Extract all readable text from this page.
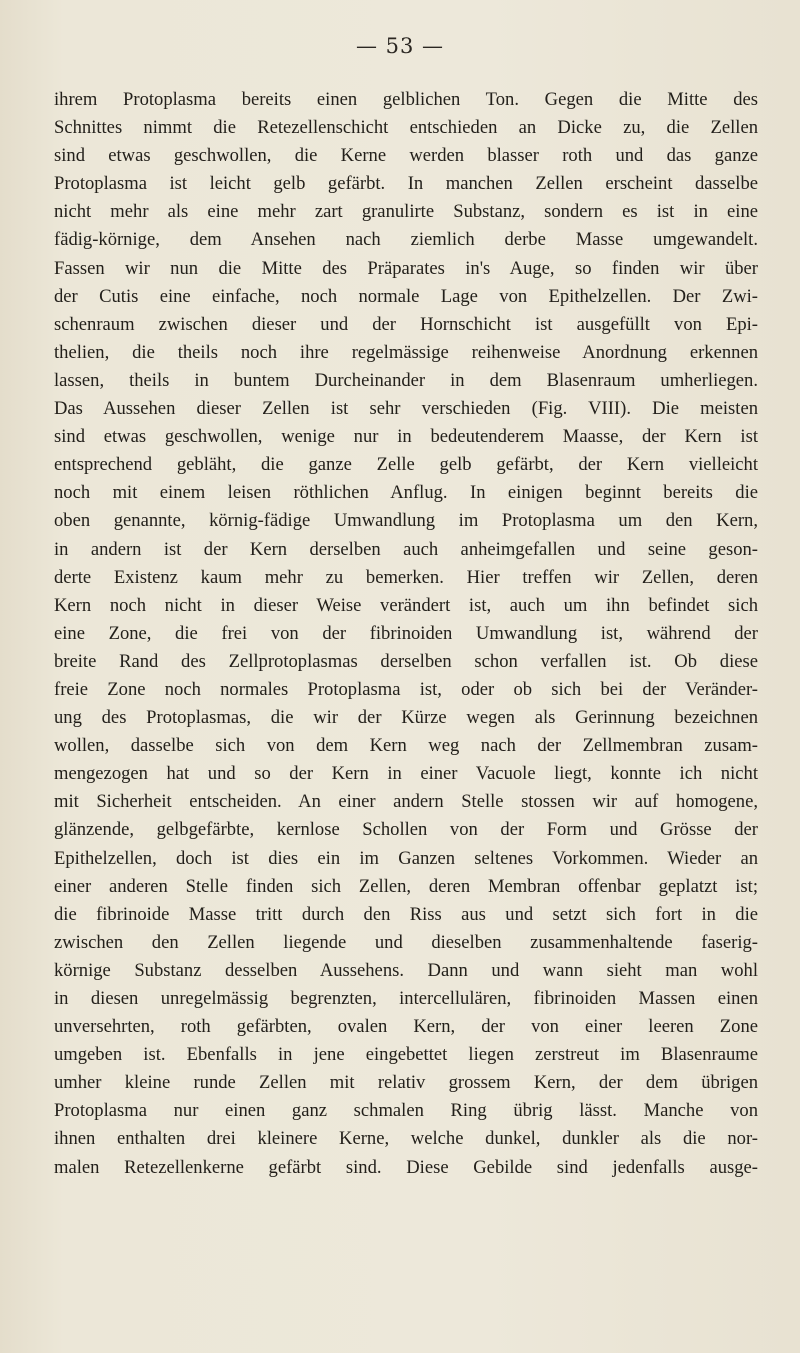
— 53 —
ihrem Protoplasma bereits einen gelblichen Ton. Gegen die Mitte des
Schnittes nimmt die Retezellenschicht entschieden an Dicke zu, die Zellen
sind etwas geschwollen, die Kerne werden blasser roth und das ganze
Protoplasma ist leicht gelb gefärbt. In manchen Zellen erscheint dasselbe
nicht mehr als eine mehr zart granulirte Substanz, sondern es ist in eine
fädig-körnige, dem Ansehen nach ziemlich derbe Masse umgewandelt.
Fassen wir nun die Mitte des Präparates in's Auge, so finden wir über
der Cutis eine einfache, noch normale Lage von Epithelzellen. Der Zwi-
schenraum zwischen dieser und der Hornschicht ist ausgefüllt von Epi-
thelien, die theils noch ihre regelmässige reihenweise Anordnung erkennen
lassen, theils in buntem Durcheinander in dem Blasenraum umherliegen.
Das Aussehen dieser Zellen ist sehr verschieden (Fig. VIII). Die meisten
sind etwas geschwollen, wenige nur in bedeutenderem Maasse, der Kern ist
entsprechend gebläht, die ganze Zelle gelb gefärbt, der Kern vielleicht
noch mit einem leisen röthlichen Anflug. In einigen beginnt bereits die
oben genannte, körnig-fädige Umwandlung im Protoplasma um den Kern,
in andern ist der Kern derselben auch anheimgefallen und seine geson-
derte Existenz kaum mehr zu bemerken. Hier treffen wir Zellen, deren
Kern noch nicht in dieser Weise verändert ist, auch um ihn befindet sich
eine Zone, die frei von der fibrinoiden Umwandlung ist, während der
breite Rand des Zellprotoplasmas derselben schon verfallen ist. Ob diese
freie Zone noch normales Protoplasma ist, oder ob sich bei der Veränder-
ung des Protoplasmas, die wir der Kürze wegen als Gerinnung bezeichnen
wollen, dasselbe sich von dem Kern weg nach der Zellmembran zusam-
mengezogen hat und so der Kern in einer Vacuole liegt, konnte ich nicht
mit Sicherheit entscheiden. An einer andern Stelle stossen wir auf homogene,
glänzende, gelbgefärbte, kernlose Schollen von der Form und Grösse der
Epithelzellen, doch ist dies ein im Ganzen seltenes Vorkommen. Wieder an
einer anderen Stelle finden sich Zellen, deren Membran offenbar geplatzt ist;
die fibrinoide Masse tritt durch den Riss aus und setzt sich fort in die
zwischen den Zellen liegende und dieselben zusammenhaltende faserig-
körnige Substanz desselben Aussehens. Dann und wann sieht man wohl
in diesen unregelmässig begrenzten, intercellulären, fibrinoiden Massen einen
unversehrten, roth gefärbten, ovalen Kern, der von einer leeren Zone
umgeben ist. Ebenfalls in jene eingebettet liegen zerstreut im Blasenraume
umher kleine runde Zellen mit relativ grossem Kern, der dem übrigen
Protoplasma nur einen ganz schmalen Ring übrig lässt. Manche von
ihnen enthalten drei kleinere Kerne, welche dunkel, dunkler als die nor-
malen Retezellenkerne gefärbt sind. Diese Gebilde sind jedenfalls ausge-
